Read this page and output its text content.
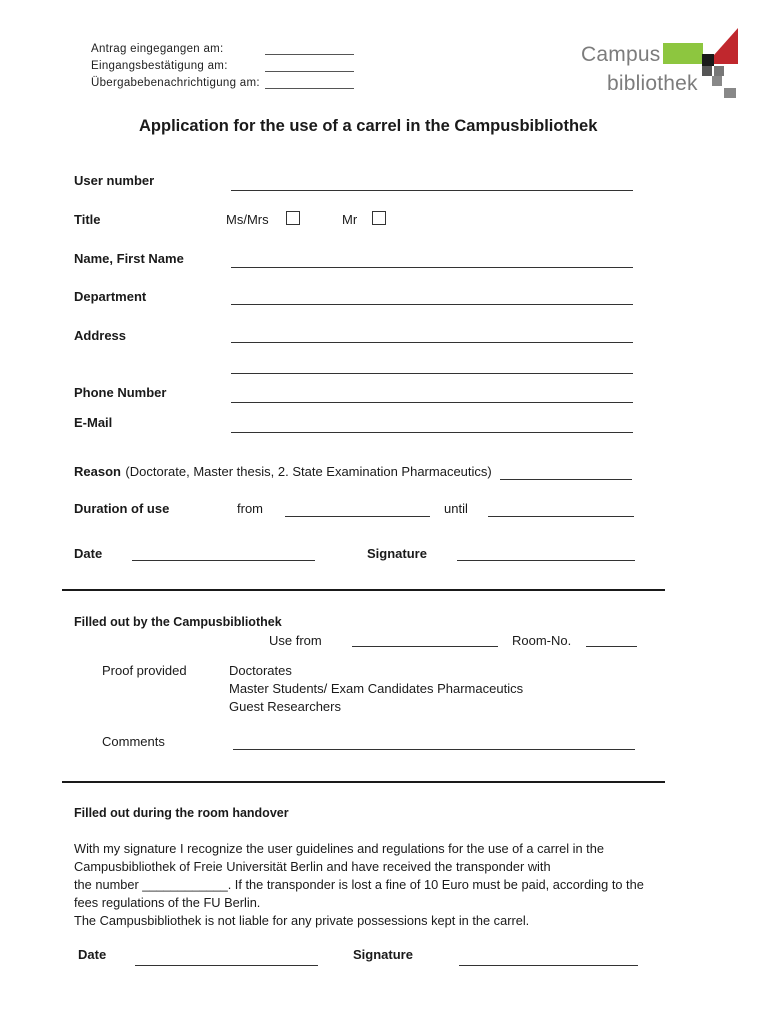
Antrag eingegangen am:
Eingangsbestätigung am:
Übergabebenachrichtigung am:
Campus
bibliothek
Application for the use of a carrel in the Campusbibliothek
User number
Title	Ms/Mrs	Mr
Name, First Name
Department
Address
Phone Number
E-Mail
Reason (Doctorate, Master thesis, 2. State Examination Pharmaceutics)
Duration of use	from	until
Date	Signature
Filled out by the Campusbibliothek
Use from	Room-No.
Proof provided	Doctorates
Master Students/ Exam Candidates Pharmaceutics
Guest Researchers
Comments
Filled out during the room handover
With my signature I recognize the user guidelines and regulations for the use of a carrel in the
Campusbibliothek of Freie Universität Berlin and have received the transponder with
the number ____________. If the transponder is lost a fine of 10 Euro must be paid, according to the
fees regulations of the FU Berlin.
The Campusbibliothek is not liable for any private possessions kept in the carrel.
Date	Signature
